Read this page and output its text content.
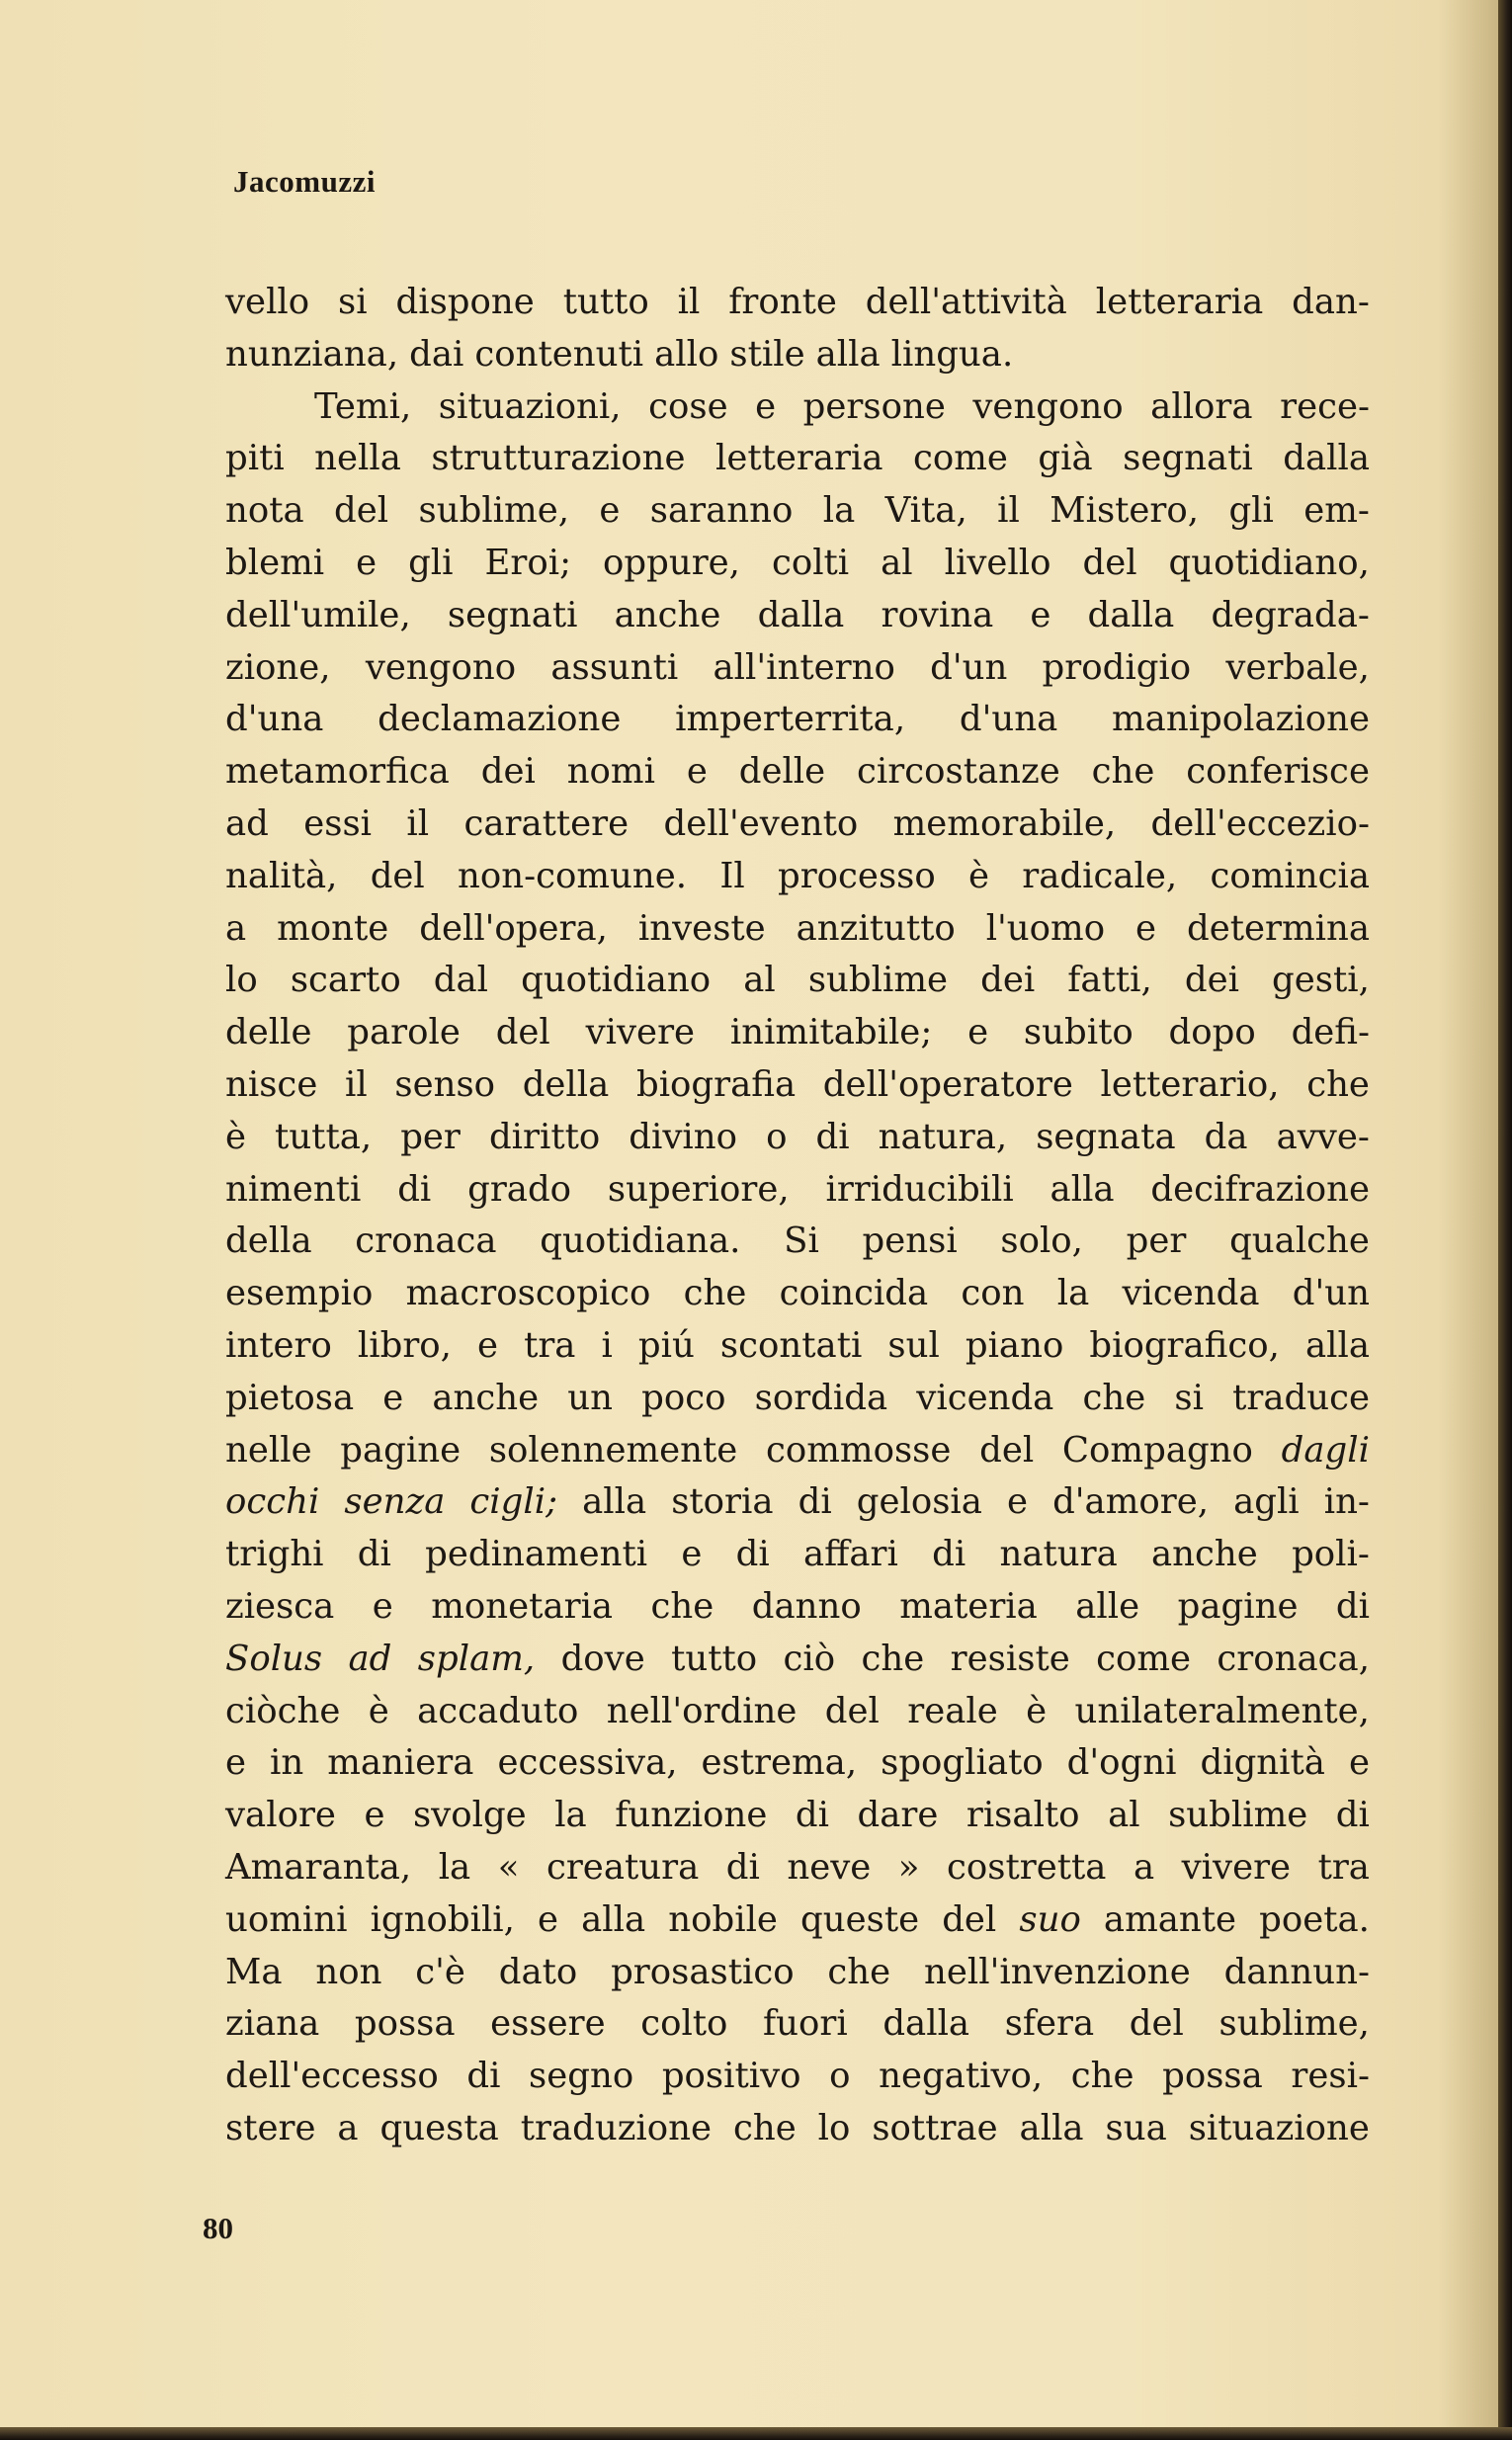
Jacomuzzi
vello si dispone tutto il fronte dell'attività letteraria dan-
nunziana, dai contenuti allo stile alla lingua.
Temi, situazioni, cose e persone vengono allora rece-
piti nella strutturazione letteraria come già segnati dalla
nota del sublime, e saranno la Vita, il Mistero, gli em-
blemi e gli Eroi; oppure, colti al livello del quotidiano,
dell'umile, segnati anche dalla rovina e dalla degrada-
zione, vengono assunti all'interno d'un prodigio verbale,
d'una declamazione imperterrita, d'una manipolazione
metamorfica dei nomi e delle circostanze che conferisce
ad essi il carattere dell'evento memorabile, dell'eccezio-
nalità, del non-comune. Il processo è radicale, comincia
a monte dell'opera, investe anzitutto l'uomo e determina
lo scarto dal quotidiano al sublime dei fatti, dei gesti,
delle parole del vivere inimitabile; e subito dopo defi-
nisce il senso della biografia dell'operatore letterario, che
è tutta, per diritto divino o di natura, segnata da avve-
nimenti di grado superiore, irriducibili alla decifrazione
della cronaca quotidiana. Si pensi solo, per qualche
esempio macroscopico che coincida con la vicenda d'un
intero libro, e tra i piú scontati sul piano biografico, alla
pietosa e anche un poco sordida vicenda che si traduce
nelle pagine solennemente commosse del Compagno dagli
occhi senza cigli; alla storia di gelosia e d'amore, agli in-
trighi di pedinamenti e di affari di natura anche poli-
ziesca e monetaria che danno materia alle pagine di
Solus ad splam, dove tutto ciò che resiste come cronaca,
ciòche è accaduto nell'ordine del reale è unilateralmente,
e in maniera eccessiva, estrema, spogliato d'ogni dignità e
valore e svolge la funzione di dare risalto al sublime di
Amaranta, la « creatura di neve » costretta a vivere tra
uomini ignobili, e alla nobile queste del suo amante poeta.
Ma non c'è dato prosastico che nell'invenzione dannun-
ziana possa essere colto fuori dalla sfera del sublime,
dell'eccesso di segno positivo o negativo, che possa resi-
stere a questa traduzione che lo sottrae alla sua situazione
80
